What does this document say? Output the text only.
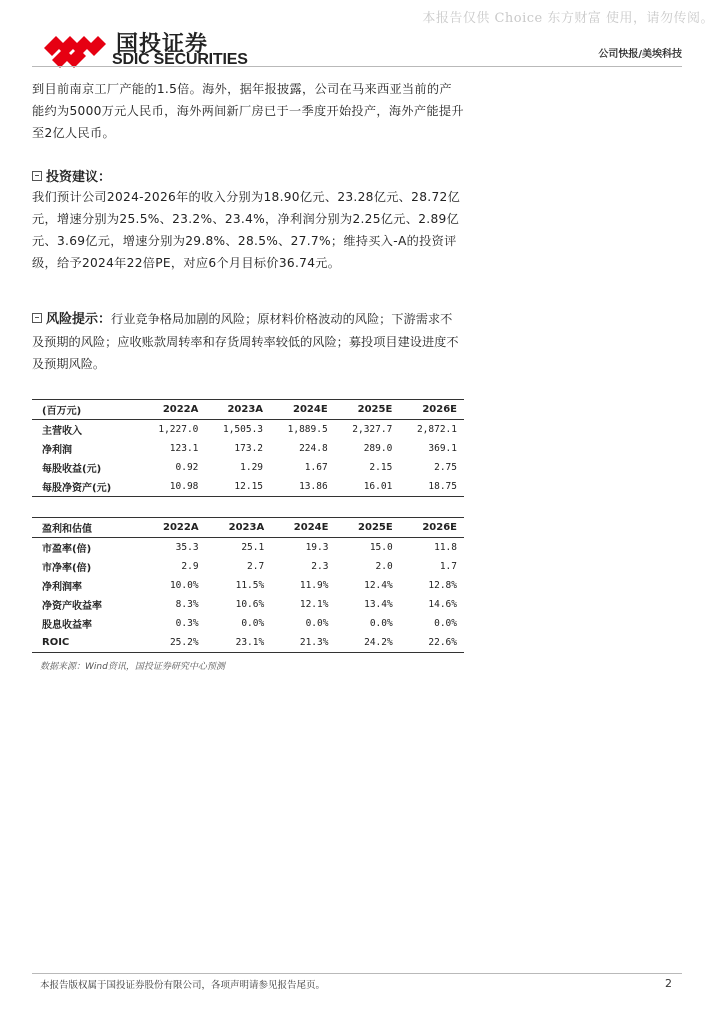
本报告仅供 Choice 东方财富 使用，请勿传阅。
国投证券
SDIC SECURITIES	公司快报/美埃科技
到目前南京工厂产能的1.5倍。海外，据年报披露，公司在马来西亚当前的产能约为5000万元人民币，海外两间新厂房已于一季度开始投产，海外产能提升至2亿人民币。
投资建议：
我们预计公司2024-2026年的收入分别为18.90亿元、23.28亿元、28.72亿元，增速分别为25.5%、23.2%、23.4%，净利润分别为2.25亿元、2.89亿元、3.69亿元，增速分别为29.8%、28.5%、27.7%；维持买入-A的投资评级，给予2024年22倍PE，对应6个月目标价36.74元。
风险提示：行业竞争格局加剧的风险；原材料价格波动的风险；下游需求不及预期的风险；应收账款周转率和存货周转率较低的风险；募投项目建设进度不及预期风险。
(百万元)	2022A	2023A	2024E	2025E	2026E
主营收入	1,227.0	1,505.3	1,889.5	2,327.7	2,872.1
净利润	123.1	173.2	224.8	289.0	369.1
每股收益(元)	0.92	1.29	1.67	2.15	2.75
每股净资产(元)	10.98	12.15	13.86	16.01	18.75
盈利和估值	2022A	2023A	2024E	2025E	2026E
市盈率(倍)	35.3	25.1	19.3	15.0	11.8
市净率(倍)	2.9	2.7	2.3	2.0	1.7
净利润率	10.0%	11.5%	11.9%	12.4%	12.8%
净资产收益率	8.3%	10.6%	12.1%	13.4%	14.6%
股息收益率	0.3%	0.0%	0.0%	0.0%	0.0%
ROIC	25.2%	23.1%	21.3%	24.2%	22.6%
数据来源：Wind资讯，国投证券研究中心预测
本报告版权属于国投证券股份有限公司，各项声明请参见报告尾页。	2
